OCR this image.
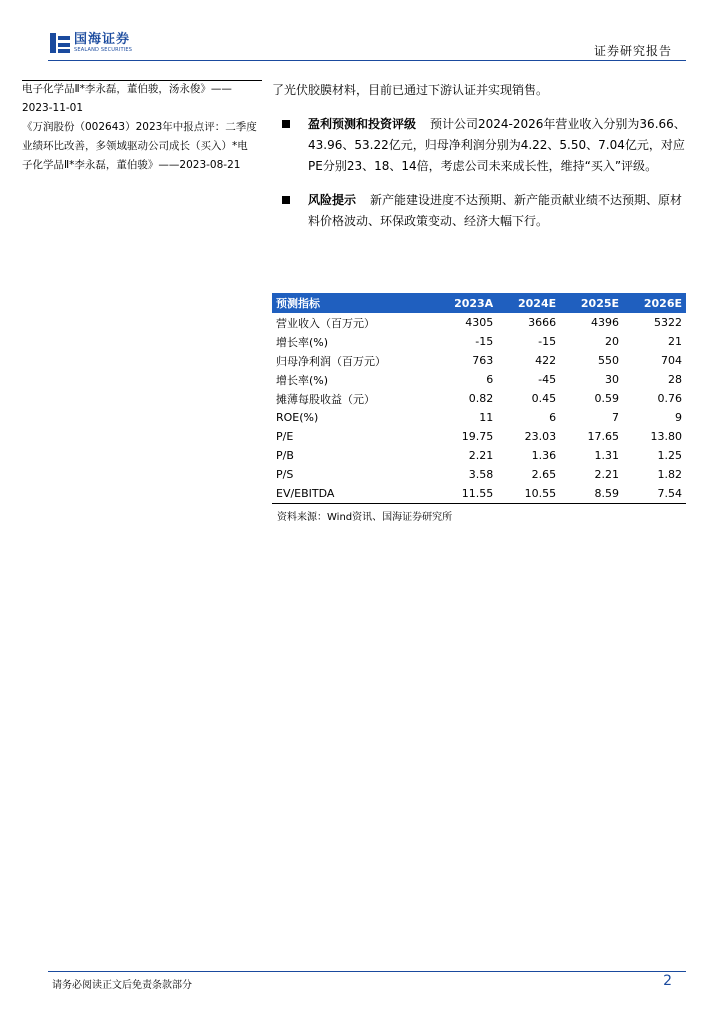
国海证券
SEALAND SECURITIES	证券研究报告

电子化学品Ⅱ*李永磊，董伯骏，汤永俊》——

2023-11-01

《万润股份（002643）2023年中报点评：二季度

业绩环比改善，多领域驱动公司成长（买入）*电

子化学品Ⅱ*李永磊，董伯骏》——2023-08-21

了光伏胶膜材料，目前已通过下游认证并实现销售。

盈利预测和投资评级 预计公司2024-2026年营业收入分别为36.66、43.96、53.22亿元，归母净利润分别为4.22、5.50、7.04亿元，对应PE分别23、18、14倍，考虑公司未来成长性，维持“买入”评级。
风险提示 新产能建设进度不达预期、新产能贡献业绩不达预期、原材料价格波动、环保政策变动、经济大幅下行。
预测指标	2023A	2024E	2025E	2026E
营业收入（百万元）	4305	3666	4396	5322
增长率(%)	-15	-15	20	21
归母净利润（百万元）	763	422	550	704
增长率(%)	6	-45	30	28
摊薄每股收益（元）	0.82	0.45	0.59	0.76
ROE(%)	11	6	7	9
P/E	19.75	23.03	17.65	13.80
P/B	2.21	1.36	1.31	1.25
P/S	3.58	2.65	2.21	1.82
EV/EBITDA	11.55	10.55	8.59	7.54
资料来源：Wind资讯、国海证券研究所
请务必阅读正文后免责条款部分	2
